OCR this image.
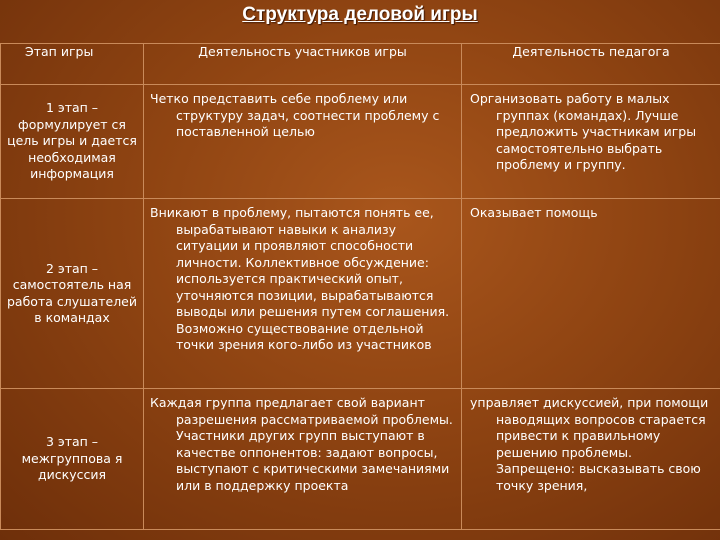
Структура деловой игры
Этап игры	Деятельность участников игры	Деятельность педагога

1 этап – формулирует ся цель игры и дается необходимая информация	Четко представить себе проблему или структуру задач, соотнести проблему с поставленной целью	Организовать работу в малых группах (командах). Лучше предложить участникам игры самостоятельно выбрать проблему и группу.

2 этап – самостоятель ная работа слушателей в командах	Вникают в проблему, пытаются понять ее, вырабатывают навыки к анализу ситуации и проявляют способности личности. Коллективное обсуждение: используется практический опыт, уточняются позиции, вырабатываются выводы или решения путем соглашения. Возможно существование отдельной точки зрения кого-либо из участников	Оказывает помощь

3 этап – межгруппова я дискуссия	Каждая группа предлагает свой вариант разрешения рассматриваемой проблемы. Участники других групп выступают в качестве оппонентов: задают вопросы, выступают с критическими замечаниями или в поддержку проекта	управляет дискуссией, при помощи наводящих вопросов старается привести к правильному решению проблемы. Запрещено: высказывать свою точку зрения,
